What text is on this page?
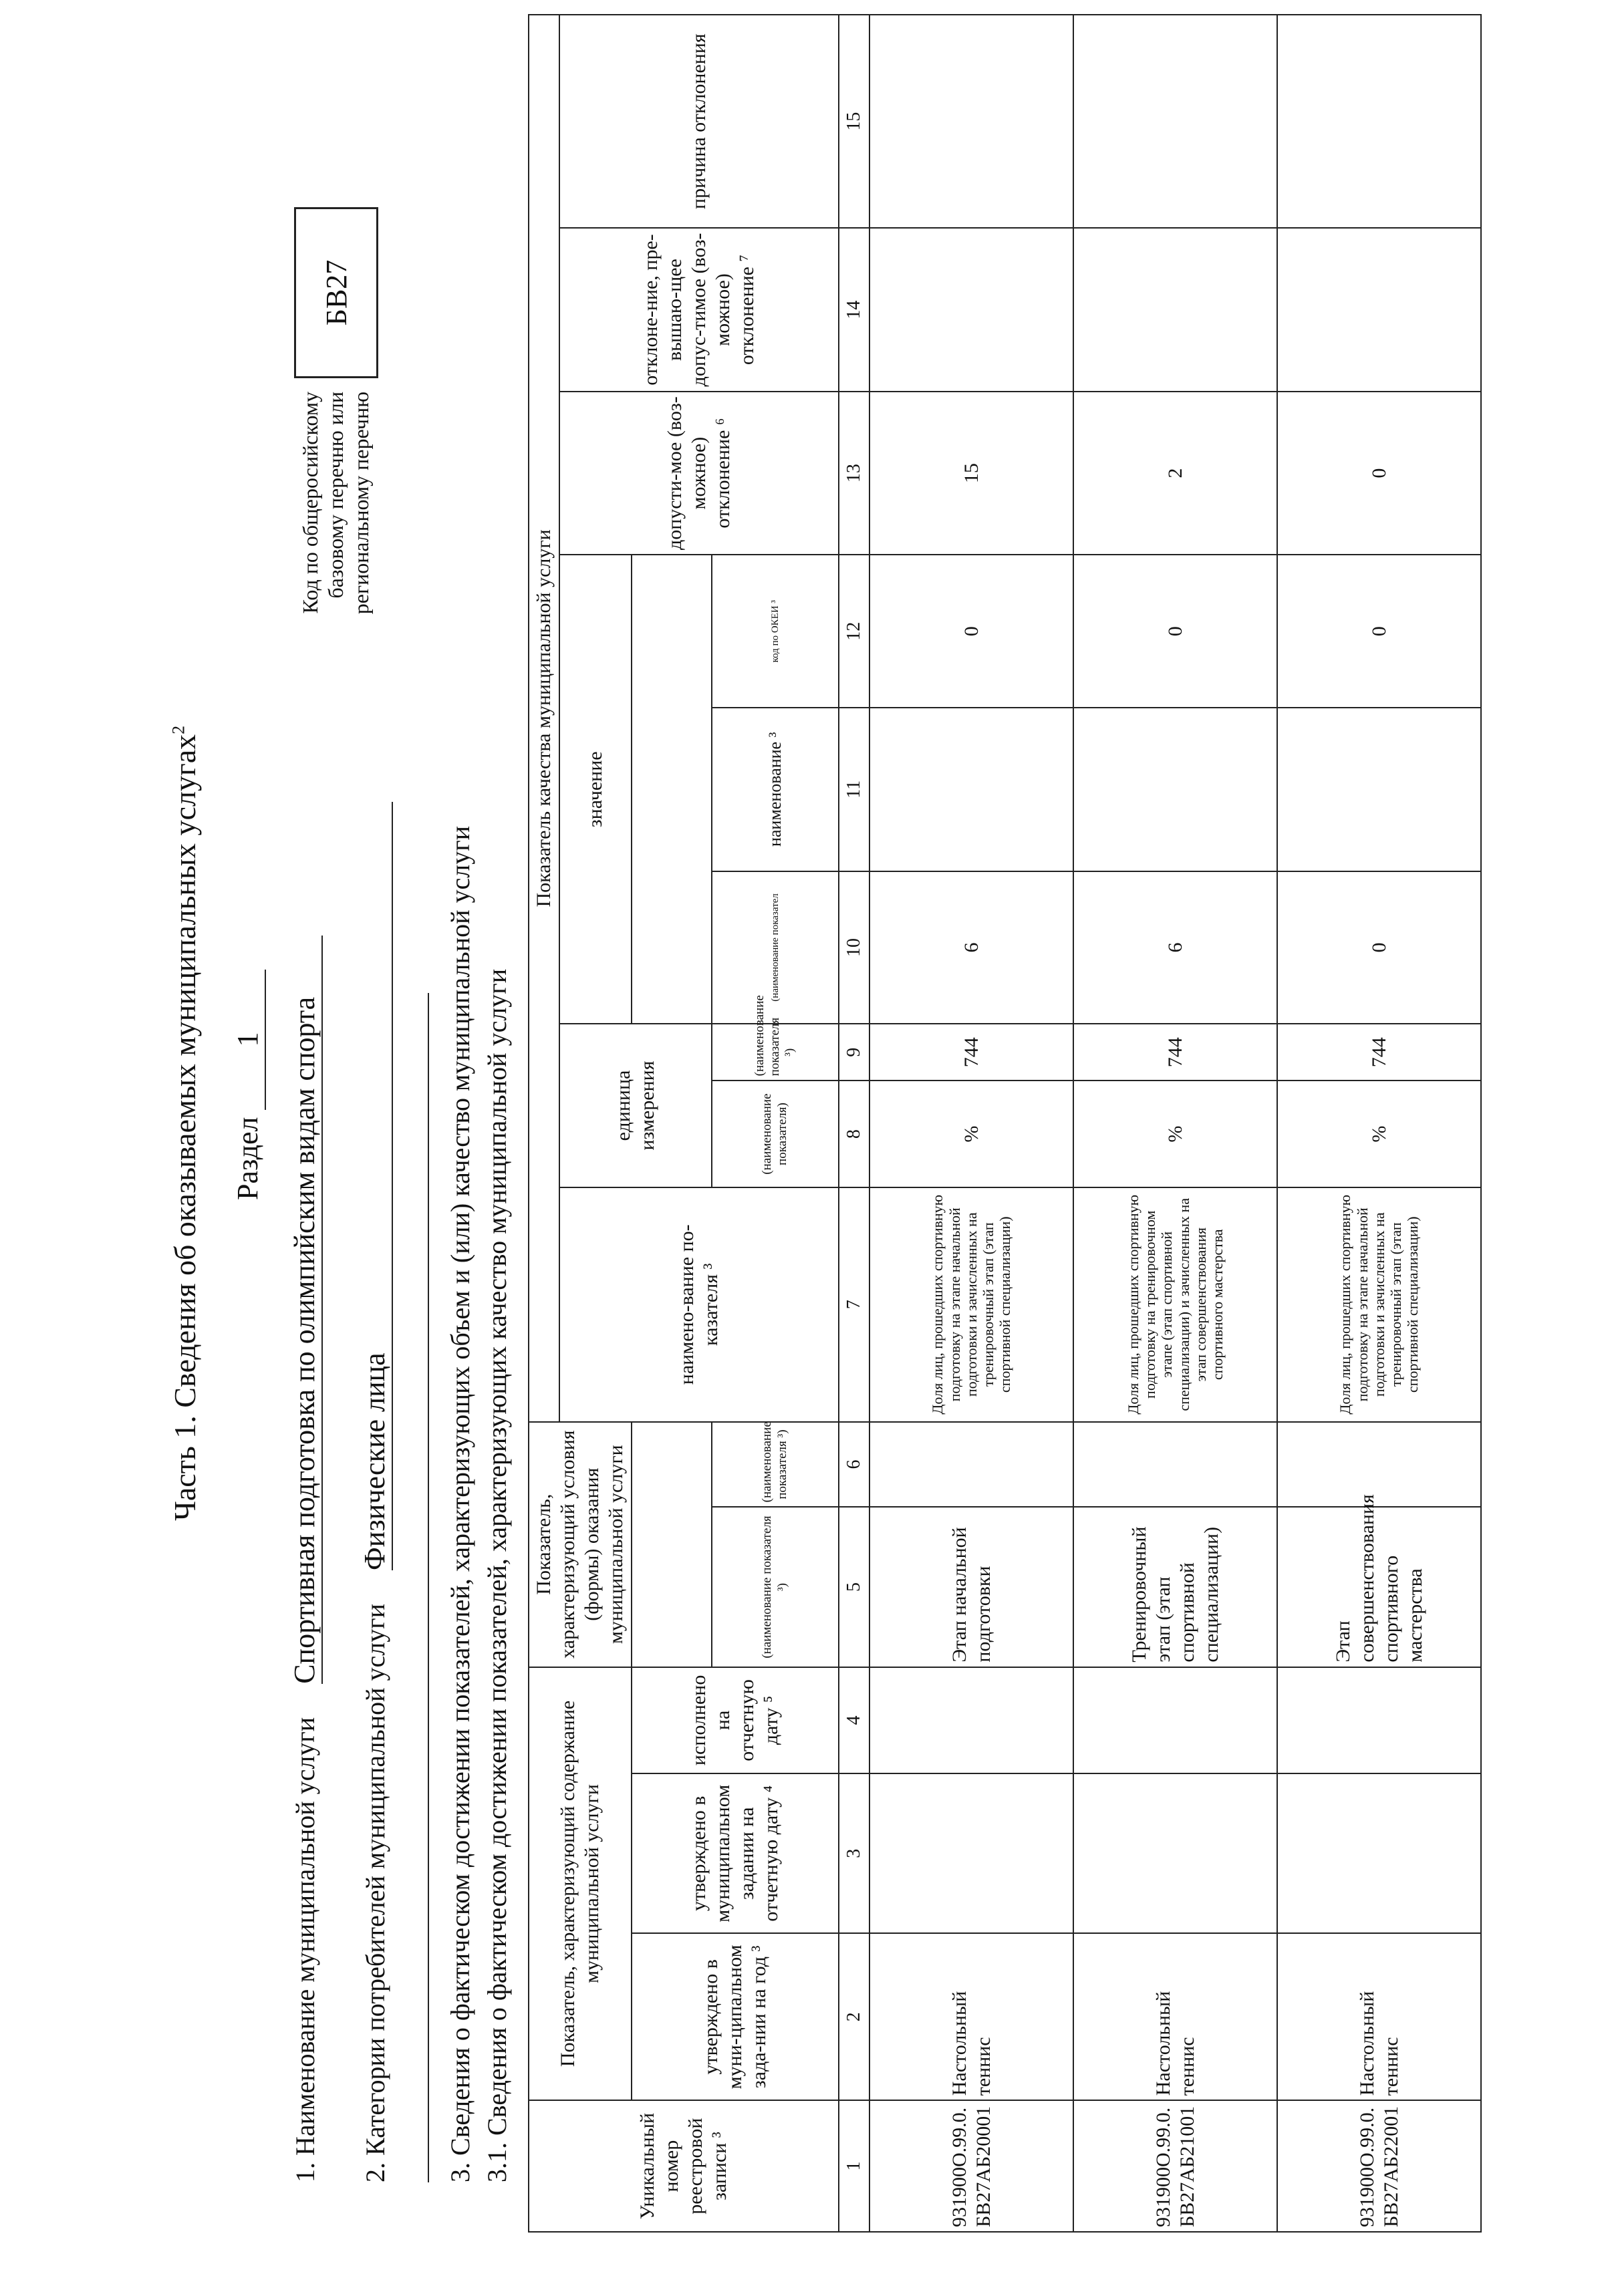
Часть 1. Сведения об оказываемых муниципальных услугах$^2$
Раздел 1
1. Наименование муниципальной услуги Спортивная подготовка по олимпийским видам спорта
2. Категории потребителей муниципальной услуги Физические лица
Код по общеросийскому базовому перечню или региональному перечню
БВ27
3. Сведения о фактическом достижении показателей, характеризующих объем и (или) качество муниципальной услуги 3.1. Сведения о фактическом достижении показателей, характеризующих качество муниципальной услуги	Уникальный номер реестровой записи ³	Показатель, характеризующий содержание муниципальной услуги			Показатель, характеризующий условия (формы) оказания муниципальной услуги		Показатель качества муниципальной услуги								
						наимено-вание по-казателя ³	единица измерения		значение			допусти-мое (воз-можное) отклонение ⁶	отклоне-ние, пре-вышаю-щее допус-тимое (воз-можное) отклонение ⁷	причина отклонения
	утверждено в муни-ципальном зада-нии на год ³	утверждено в муниципальном задании на отчетную дату ⁴	исполнено на отчетную дату ⁵											
				(наименование показателя ³)	(наименование показателя ³)		(наименование показателя)	(наименование показателя ³)	(наименование показател	наименование ³	код по ОКЕИ ³			
1	2	3	4	5	6	7	8	9	10	11	12	13	14	15
931900О.99.0.БВ27АБ20001	Настольный теннис			Этап начальной подготовки		Доля лиц, прошедших спортивную подготовку на этапе начальной подготовки и зачисленных на тренировочный этап (этап спортивной специализации)	%	744	6		0	15		
931900О.99.0.БВ27АБ21001	Настольный теннис			Тренировочный этап (этап спортивной специализации)		Доля лиц, прошедших спортивную подготовку на тренировочном этапе (этап спортивной специализации) и зачисленных на этап совершенствования спортивного мастерства	%	744	6		0	2		
931900О.99.0.БВ27АБ22001	Настольный теннис			Этап совершенствования спортивного мастерства		Доля лиц, прошедших спортивную подготовку на этапе начальной подготовки и зачисленных на тренировочный этап (этап спортивной специализации)	%	744	0		0	0		
